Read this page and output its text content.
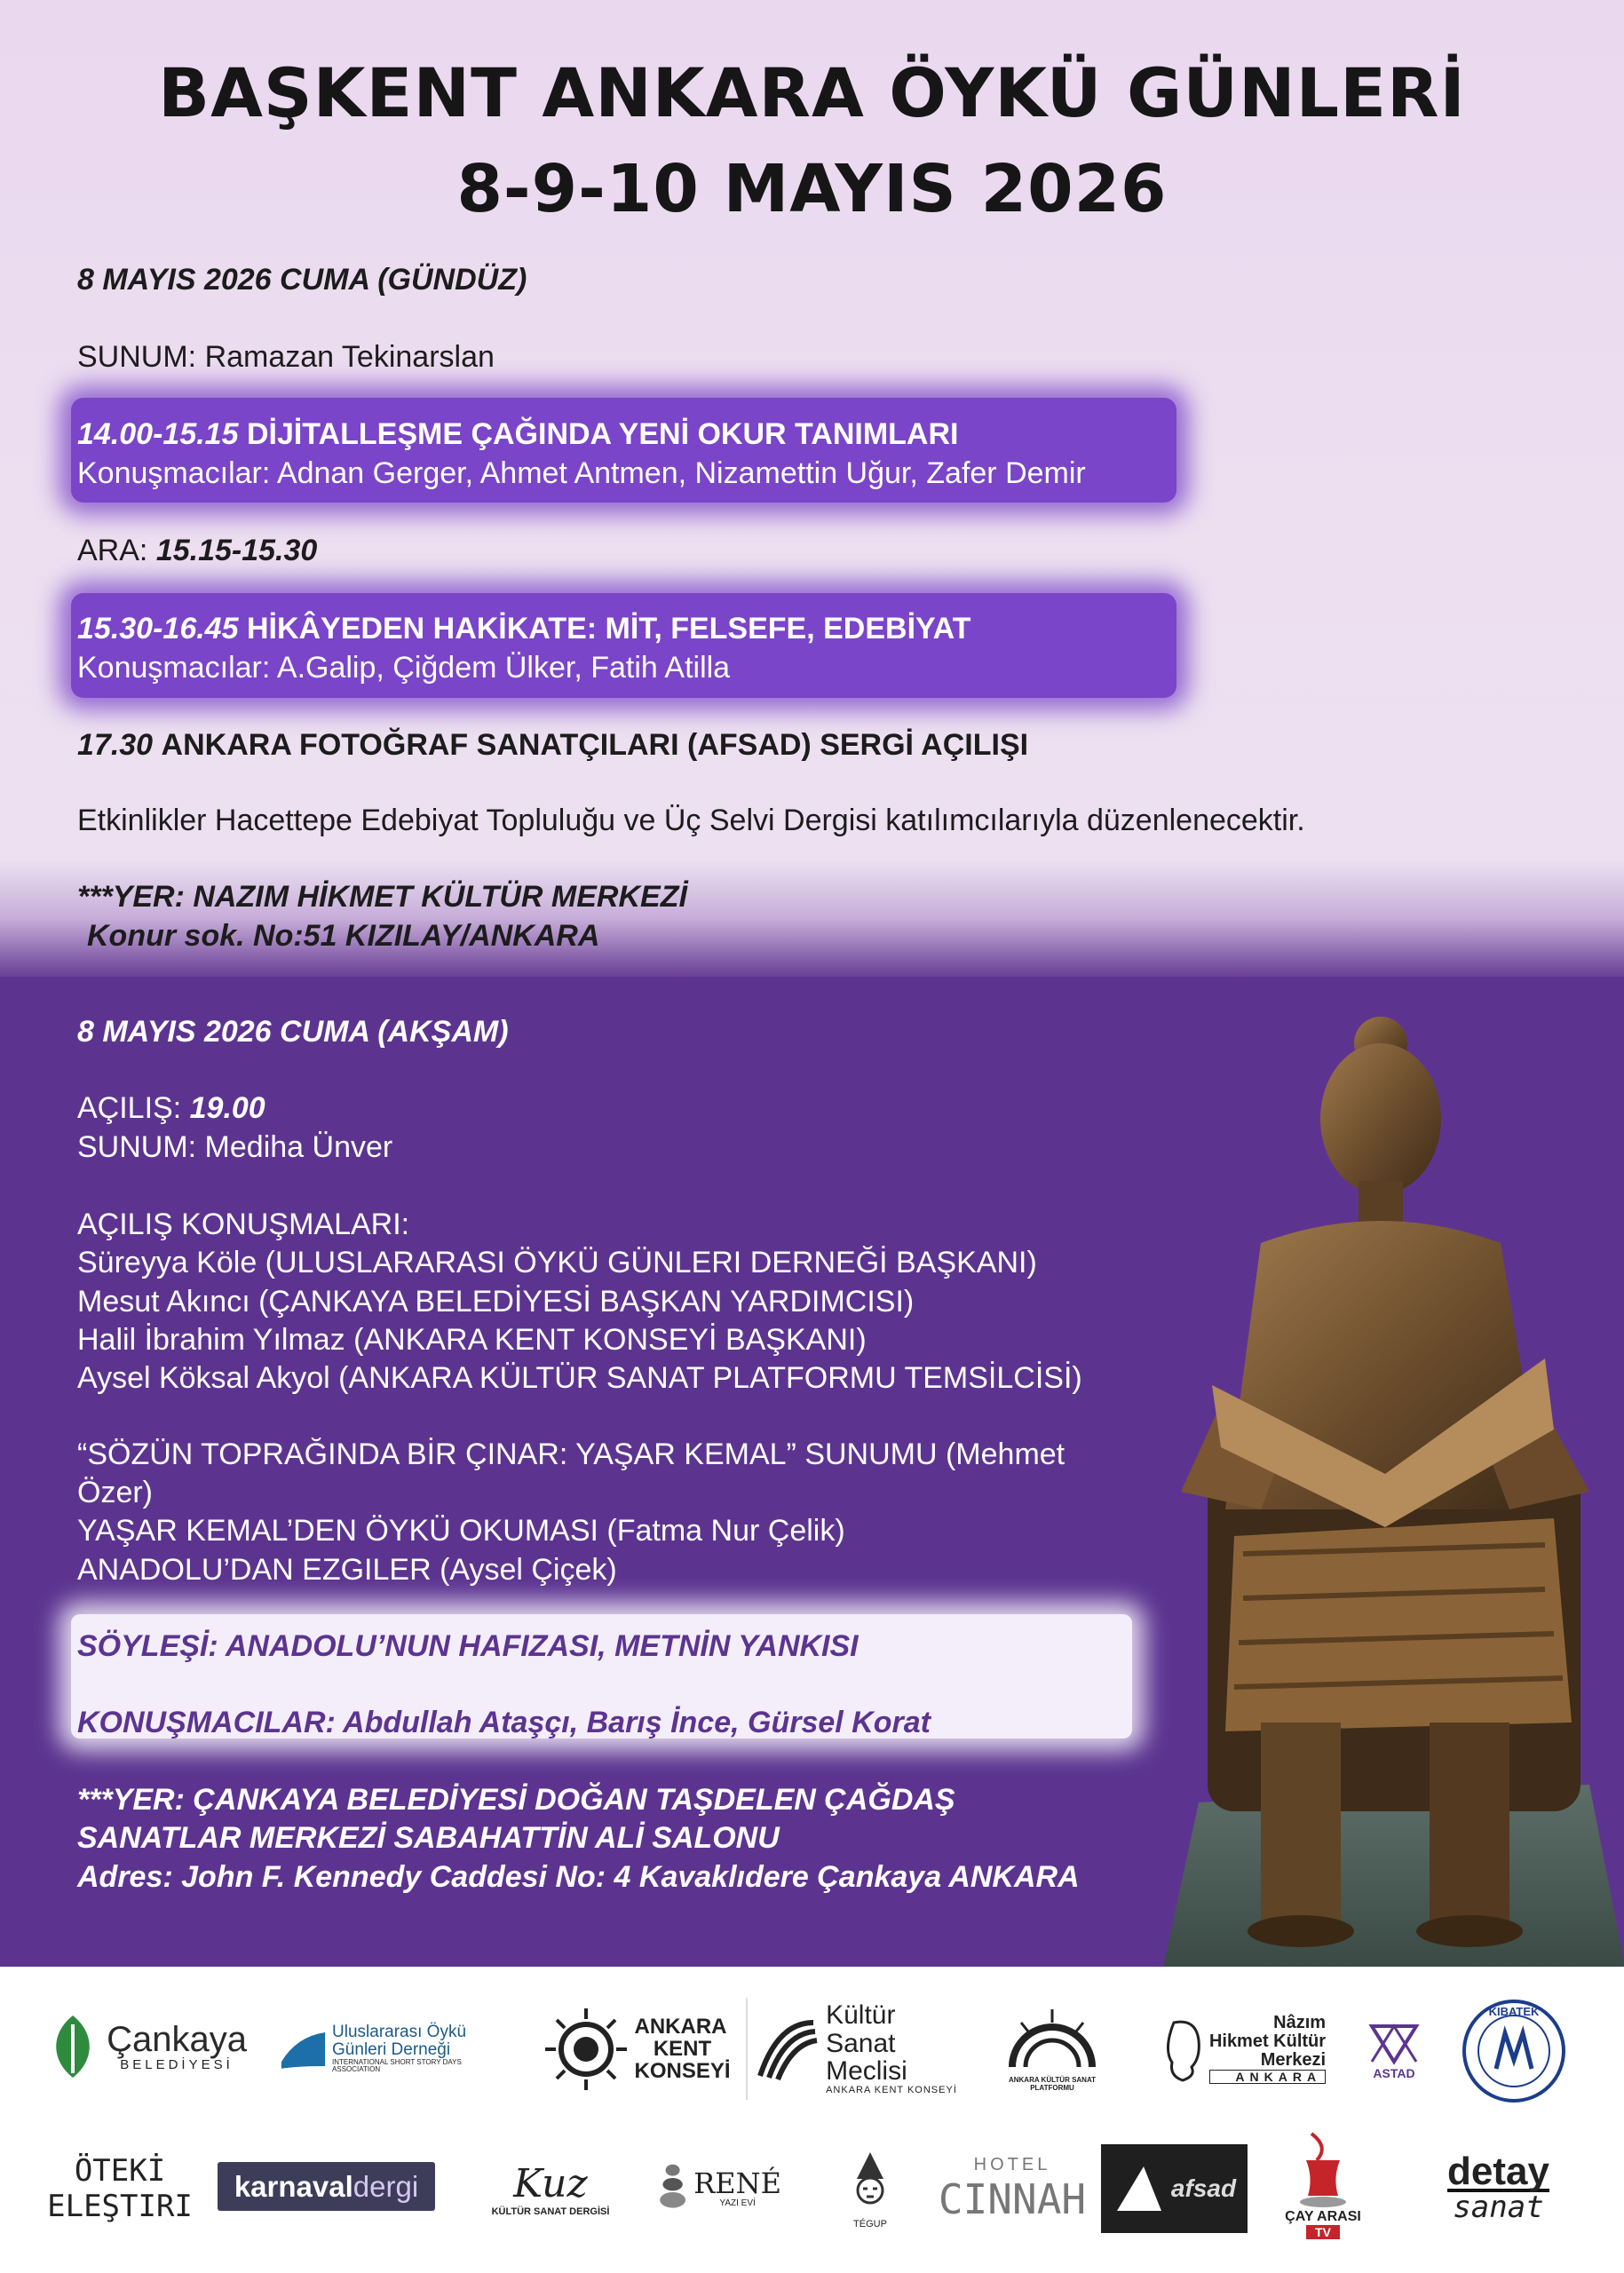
BAŞKENT ANKARA ÖYKÜ GÜNLERİ
8-9-10 MAYIS 2026
8 MAYIS 2026 CUMA (GÜNDÜZ)
SUNUM: Ramazan Tekinarslan
14.00-15.15 DİJİTALLEŞME ÇAĞINDA YENİ OKUR TANIMLARI
Konuşmacılar: Adnan Gerger, Ahmet Antmen, Nizamettin Uğur, Zafer Demir
ARA: 15.15-15.30
15.30-16.45 HİKÂYEDEN HAKİKATE: MİT, FELSEFE, EDEBİYAT
Konuşmacılar: A.Galip, Çiğdem Ülker, Fatih Atilla
17.30 ANKARA FOTOĞRAF SANATÇILARI (AFSAD) SERGİ AÇILIŞI
Etkinlikler Hacettepe Edebiyat Topluluğu ve Üç Selvi Dergisi katılımcılarıyla düzenlenecektir.
***YER: NAZIM HİKMET KÜLTÜR MERKEZİ
Konur sok. No:51 KIZILAY/ANKARA
8 MAYIS 2026 CUMA (AKŞAM)
AÇILIŞ: 19.00
SUNUM: Mediha Ünver
AÇILIŞ KONUŞMALARI:
Süreyya Köle (ULUSLARARASI ÖYKÜ GÜNLERI DERNEĞİ BAŞKANI)
Mesut Akıncı (ÇANKAYA BELEDİYESİ BAŞKAN YARDIMCISI)
Halil İbrahim Yılmaz (ANKARA KENT KONSEYİ BAŞKANI)
Aysel Köksal Akyol (ANKARA KÜLTÜR SANAT PLATFORMU TEMSİLCİSİ)
“SÖZÜN TOPRAĞINDA BİR ÇINAR: YAŞAR KEMAL” SUNUMU (Mehmet
Özer)
YAŞAR KEMAL’DEN ÖYKÜ OKUMASI (Fatma Nur Çelik)
ANADOLU’DAN EZGILER (Aysel Çiçek)
SÖYLEŞİ: ANADOLU’NUN HAFIZASI, METNİN YANKISI
KONUŞMACILAR: Abdullah Ataşçı, Barış İnce, Gürsel Korat
***YER: ÇANKAYA BELEDİYESİ DOĞAN TAŞDELEN ÇAĞDAŞ
SANATLAR MERKEZİ SABAHATTİN ALİ SALONU
Adres: John F. Kennedy Caddesi No: 4 Kavaklıdere Çankaya ANKARA
Çankaya
BELEDİYESİ
Uluslararası Öykü
Günleri Derneği
INTERNATIONAL SHORT STORY DAYS ASSOCIATION
ANKARA
KENT
KONSEYİ
Kültür
Sanat
Meclisi
ANKARA KENT KONSEYİ
ANKARA KÜLTÜR SANAT
PLATFORMU
Nâzım
Hikmet Kültür
Merkezi
ANKARA	ASTAD
KIBATEK
ÖTEKİ
ELEŞTIRI
karnaval dergi Kuz
KÜLTÜR SANAT DERGİSİ
RENÉ
YAZI EVİ
TÉGUP
HOTEL
CINNAH	afsad
ÇAY ARASI
TV
detay
sanat
